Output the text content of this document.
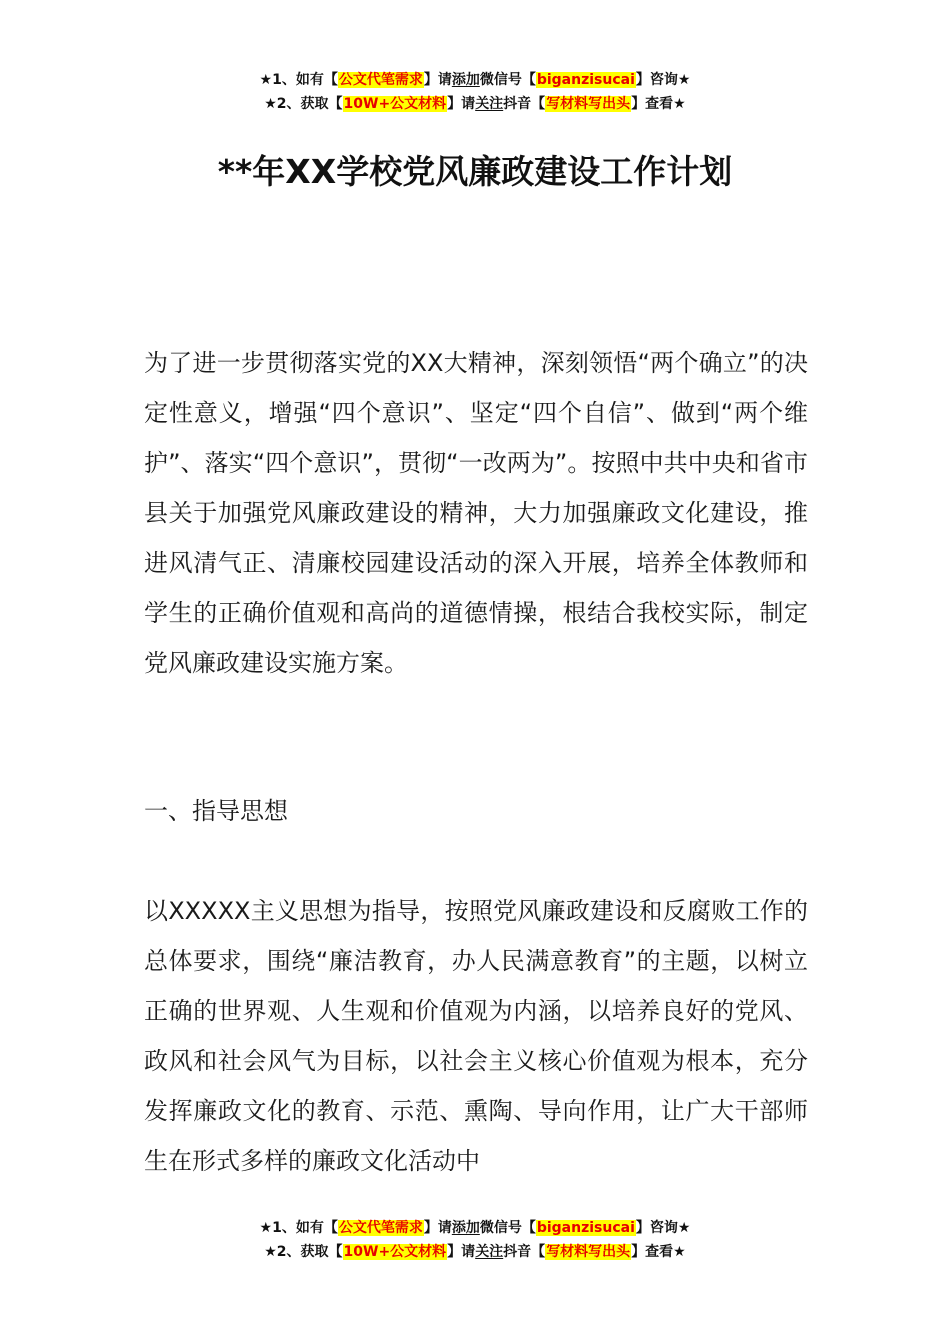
★1、如有【公文代笔需求】请添加微信号【biganzisucai】咨询★
★2、获取【10W+公文材料】请关注抖音【写材料写出头】查看★
**年XX学校党风廉政建设工作计划

为了进一步贯彻落实党的XX大精神，深刻领悟“两个确立”的决定性意义，增强“四个意识”、坚定“四个自信”、做到“两个维护”、落实“四个意识”，贯彻“一改两为”。按照中共中央和省市县关于加强党风廉政建设的精神，大力加强廉政文化建设，推进风清气正、清廉校园建设活动的深入开展，培养全体教师和学生的正确价值观和高尚的道德情操，根结合我校实际，制定党风廉政建设实施方案。

一、指导思想

以XXXXX主义思想为指导，按照党风廉政建设和反腐败工作的总体要求，围绕“廉洁教育，办人民满意教育”的主题，以树立正确的世界观、人生观和价值观为内涵，以培养良好的党风、政风和社会风气为目标，以社会主义核心价值观为根本，充分发挥廉政文化的教育、示范、熏陶、导向作用，让广大干部师生在形式多样的廉政文化活动中

★1、如有【公文代笔需求】请添加微信号【biganzisucai】咨询★
★2、获取【10W+公文材料】请关注抖音【写材料写出头】查看★
